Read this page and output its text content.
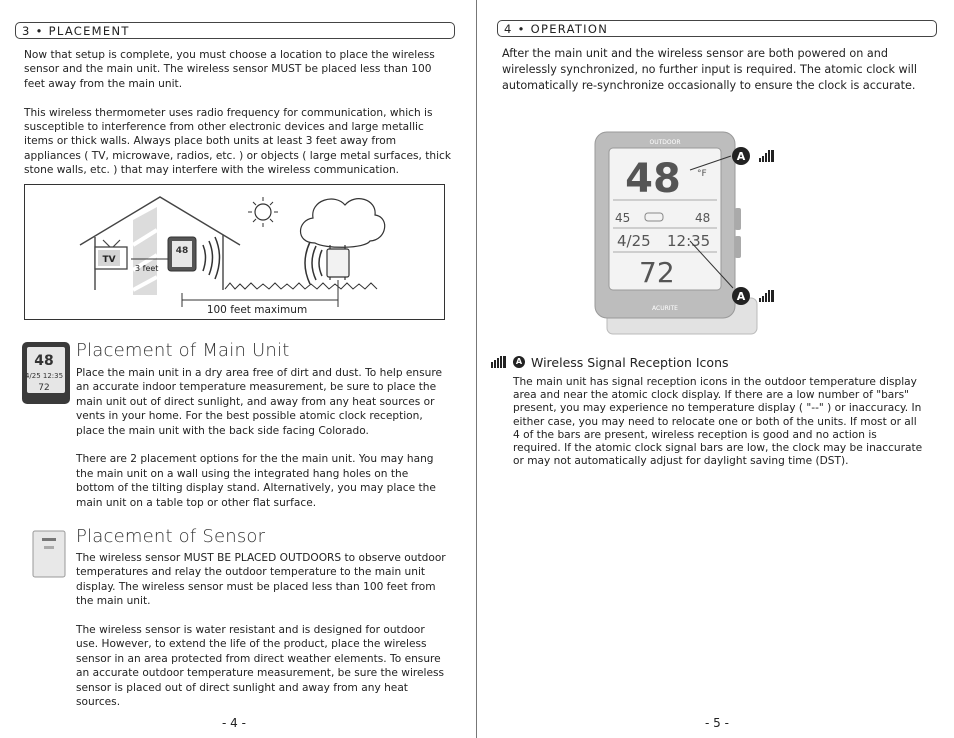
3 • PLACEMENT

Now that setup is complete, you must choose a location to place the wireless sensor and the main unit. The wireless sensor MUST be placed less than 100 feet away from the main unit.

This wireless thermometer uses radio frequency for communication, which is susceptible to interference from other electronic devices and large metallic items or thick walls. Always place both units at least 3 feet away from appliances ( TV, microwave, radios, etc. ) or objects ( large metal surfaces, thick stone walls, etc. ) that may interfere with the wireless communication.

TV
3 feet
48
100 feet maximum
48
4/25 12:35
72
Placement of Main Unit

Place the main unit in a dry area free of dirt and dust. To help ensure an accurate indoor temperature measurement, be sure to place the main unit out of direct sunlight, and away from any heat sources or vents in your home. For the best possible atomic clock reception, place the main unit with the back side facing Colorado.

There are 2 placement options for the the main unit. You may hang the main unit on a wall using the integrated hang holes on the bottom of the tilting display stand. Alternatively, you may place the main unit on a table top or other flat surface.

Placement of Sensor

The wireless sensor MUST BE PLACED OUTDOORS to observe outdoor temperatures and relay the outdoor temperature to the main unit display. The wireless sensor must be placed less than 100 feet from the main unit.

The wireless sensor is water resistant and is designed for outdoor use. However, to extend the life of the product, place the wireless sensor in an area protected from direct weather elements. To ensure an accurate outdoor temperature measurement, be sure the wireless sensor is placed out of direct sunlight and away from any heat sources.

- 4 -
4 • OPERATION
After the main unit and the wireless sensor are both powered on and wirelessly synchronized, no further input is required. The atomic clock will automatically re-synchronize occasionally to ensure the clock is accurate.
OUTDOOR
48 °F
45	48
4/25 12:35
72
ACURITE
A
A
A Wireless Signal Reception Icons
The main unit has signal reception icons in the outdoor temperature display area and near the atomic clock display. If there are a low number of "bars" present, you may experience no temperature display ( "--" ) or inaccuracy. In either case, you may need to relocate one or both of the units. If most or all 4 of the bars are present, wireless reception is good and no action is required. If the atomic clock signal bars are low, the clock may be inaccurate or may not automatically adjust for daylight saving time (DST).
- 5 -
